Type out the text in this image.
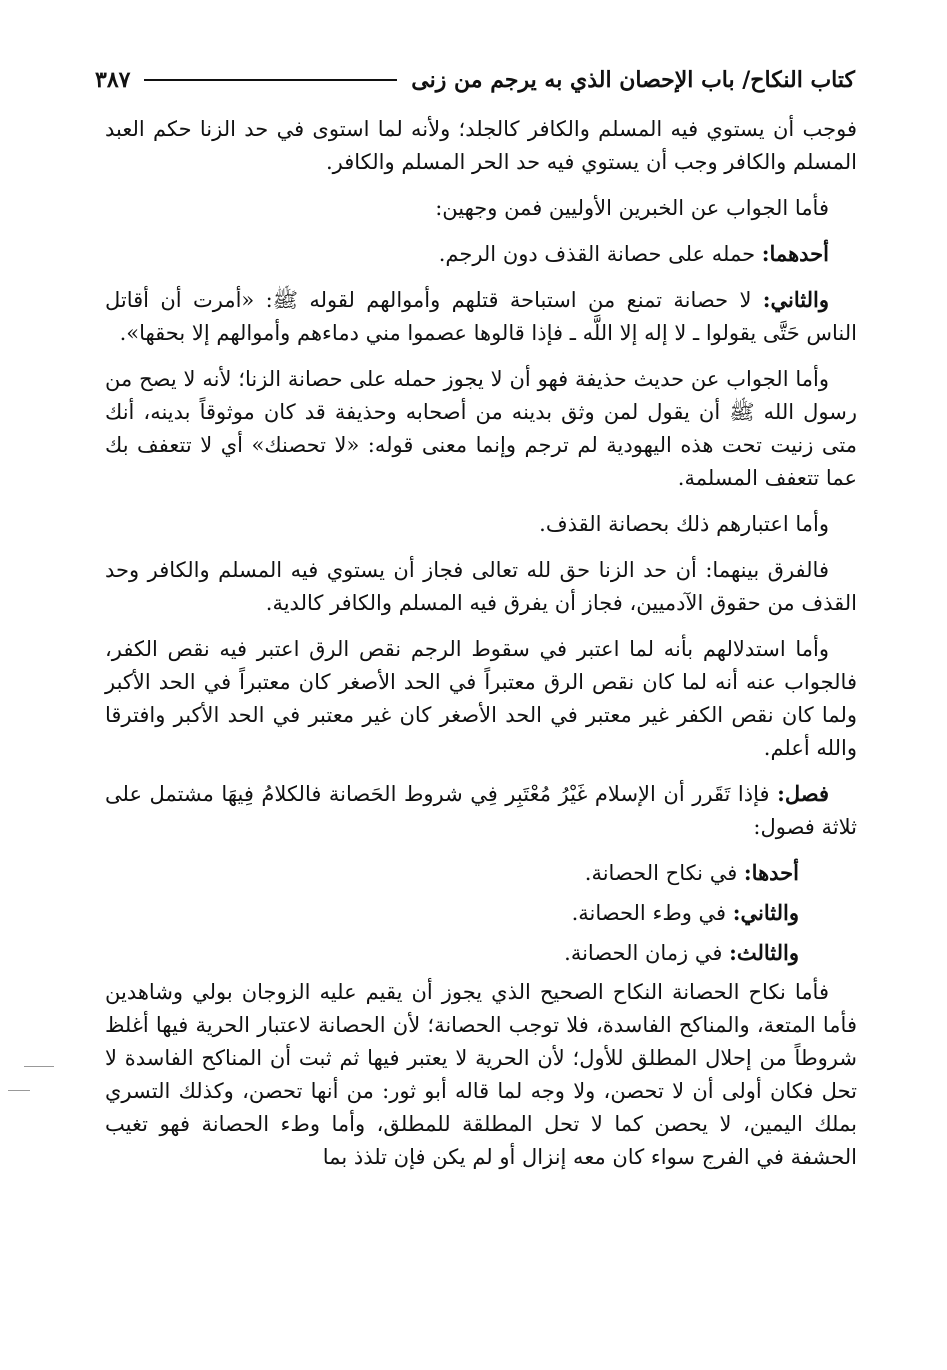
كتاب النكاح/ باب الإحصان الذي به يرجم من زنى
٣٨٧

فوجب أن يستوي فيه المسلم والكافر كالجلد؛ ولأنه لما استوى في حد الزنا حكم العبد المسلم والكافر وجب أن يستوي فيه حد الحر المسلم والكافر.

فأما الجواب عن الخبرين الأوليين فمن وجهين:

أحدهما: حمله على حصانة القذف دون الرجم.

والثاني: لا حصانة تمنع من استباحة قتلهم وأموالهم لقوله ﷺ: «أمرت أن أقاتل الناس حَتَّى يقولوا ـ لا إله إلا اللَّه ـ فإذا قالوها عصموا مني دماءهم وأموالهم إلا بحقها».

وأما الجواب عن حديث حذيفة فهو أن لا يجوز حمله على حصانة الزنا؛ لأنه لا يصح من رسول الله ﷺ أن يقول لمن وثق بدينه من أصحابه وحذيفة قد كان موثوقاً بدينه، أنك متى زنيت تحت هذه اليهودية لم ترجم وإنما معنى قوله: «لا تحصنك» أي لا تتعفف بك عما تتعفف المسلمة.

وأما اعتبارهم ذلك بحصانة القذف.

فالفرق بينهما: أن حد الزنا حق لله تعالى فجاز أن يستوي فيه المسلم والكافر وحد القذف من حقوق الآدميين، فجاز أن يفرق فيه المسلم والكافر كالدية.

وأما استدلالهم بأنه لما اعتبر في سقوط الرجم نقص الرق اعتبر فيه نقص الكفر، فالجواب عنه أنه لما كان نقص الرق معتبراً في الحد الأصغر كان معتبراً في الحد الأكبر ولما كان نقص الكفر غير معتبر في الحد الأصغر كان غير معتبر في الحد الأكبر وافترقا والله أعلم.

فصل: فإذا تَقَرر أن الإسلام غَيْرُ مُعْتَبِر فِي شروط الحَصانة فالكلامُ فِيهَا مشتمل على ثلاثة فصول:

أحدها: في نكاح الحصانة.

والثاني: في وطء الحصانة.

والثالث: في زمان الحصانة.

فأما نكاح الحصانة النكاح الصحيح الذي يجوز أن يقيم عليه الزوجان بولي وشاهدين فأما المتعة، والمناكح الفاسدة، فلا توجب الحصانة؛ لأن الحصانة لاعتبار الحرية فيها أغلظ شروطاً من إحلال المطلق للأول؛ لأن الحرية لا يعتبر فيها ثم ثبت أن المناكح الفاسدة لا تحل فكان أولى أن لا تحصن، ولا وجه لما قاله أبو ثور: من أنها تحصن، وكذلك التسري بملك اليمين، لا يحصن كما لا تحل المطلقة للمطلق، وأما وطء الحصانة فهو تغيب الحشفة في الفرج سواء كان معه إنزال أو لم يكن فإن تلذذ بما
